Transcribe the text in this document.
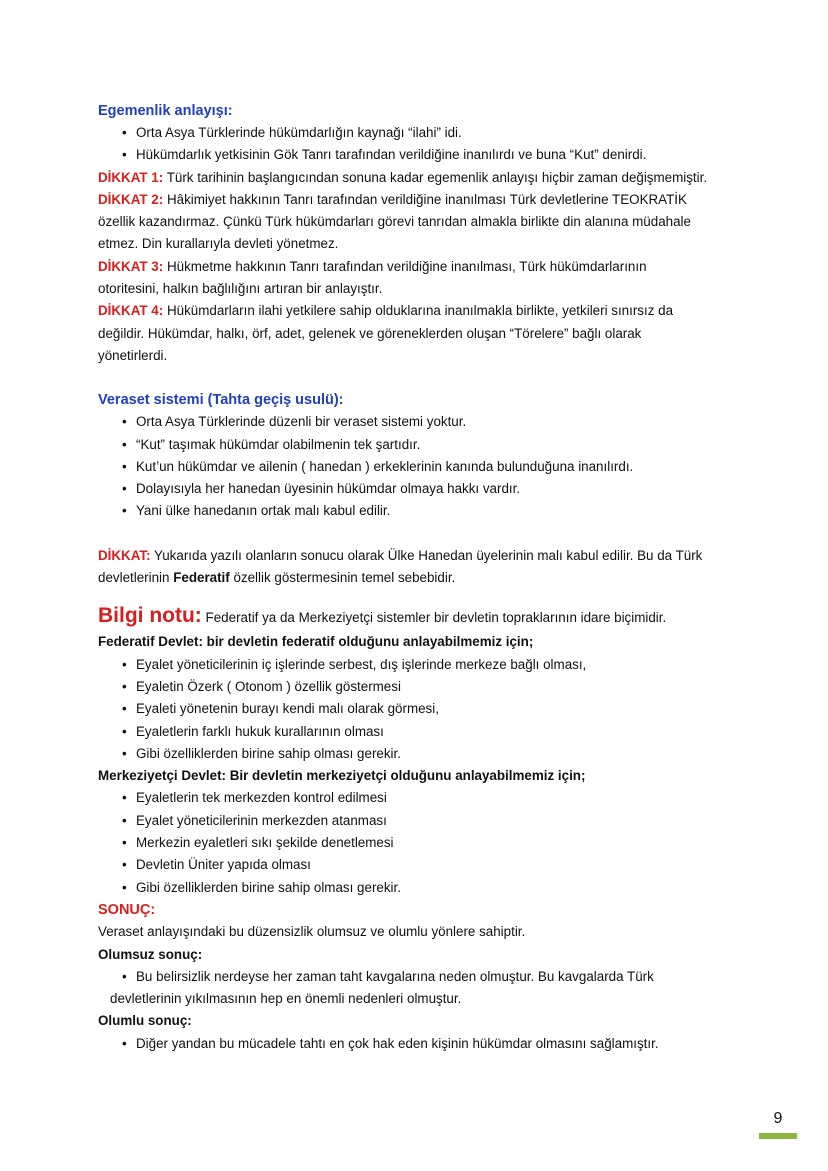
Egemenlik anlayışı:
• Orta Asya Türklerinde hükümdarlığın kaynağı “ilahi” idi.
• Hükümdarlık yetkisinin Gök Tanrı tarafından verildiğine inanılırdı ve buna “Kut” denirdi.
DİKKAT 1: Türk tarihinin başlangıcından sonuna kadar egemenlik anlayışı hiçbir zaman değişmemiştir.
DİKKAT 2: Hâkimiyet hakkının Tanrı tarafından verildiğine inanılması Türk devletlerine TEOKRATİK
özellik kazandırmaz. Çünkü Türk hükümdarları görevi tanrıdan almakla birlikte din alanına müdahale
etmez. Din kurallarıyla devleti yönetmez.
DİKKAT 3: Hükmetme hakkının Tanrı tarafından verildiğine inanılması, Türk hükümdarlarının
otoritesini, halkın bağlılığını artıran bir anlayıştır.
DİKKAT 4: Hükümdarların ilahi yetkilere sahip olduklarına inanılmakla birlikte, yetkileri sınırsız da
değildir. Hükümdar, halkı, örf, adet, gelenek ve göreneklerden oluşan “Törelere” bağlı olarak
yönetirlerdi.
Veraset sistemi (Tahta geçiş usulü):
• Orta Asya Türklerinde düzenli bir veraset sistemi yoktur.
• “Kut” taşımak hükümdar olabilmenin tek şartıdır.
• Kut’un hükümdar ve ailenin ( hanedan ) erkeklerinin kanında bulunduğuna inanılırdı.
• Dolayısıyla her hanedan üyesinin hükümdar olmaya hakkı vardır.
• Yani ülke hanedanın ortak malı kabul edilir.
DİKKAT: Yukarıda yazılı olanların sonucu olarak Ülke Hanedan üyelerinin malı kabul edilir. Bu da Türk
devletlerinin Federatif özellik göstermesinin temel sebebidir.
Bilgi notu: Federatif ya da Merkeziyetçi sistemler bir devletin topraklarının idare biçimidir.
Federatif Devlet: bir devletin federatif olduğunu anlayabilmemiz için;
• Eyalet yöneticilerinin iç işlerinde serbest, dış işlerinde merkeze bağlı olması,
• Eyaletin Özerk ( Otonom ) özellik göstermesi
• Eyaleti yönetenin burayı kendi malı olarak görmesi,
• Eyaletlerin farklı hukuk kurallarının olması
• Gibi özelliklerden birine sahip olması gerekir.
Merkeziyetçi Devlet: Bir devletin merkeziyetçi olduğunu anlayabilmemiz için;
• Eyaletlerin tek merkezden kontrol edilmesi
• Eyalet yöneticilerinin merkezden atanması
• Merkezin eyaletleri sıkı şekilde denetlemesi
• Devletin Üniter yapıda olması
• Gibi özelliklerden birine sahip olması gerekir.
SONUÇ:
Veraset anlayışındaki bu düzensizlik olumsuz ve olumlu yönlere sahiptir.
Olumsuz sonuç:
• Bu belirsizlik nerdeyse her zaman taht kavgalarına neden olmuştur. Bu kavgalarda Türk
devletlerinin yıkılmasının hep en önemli nedenleri olmuştur.
Olumlu sonuç:
• Diğer yandan bu mücadele tahtı en çok hak eden kişinin hükümdar olmasını sağlamıştır.
9
